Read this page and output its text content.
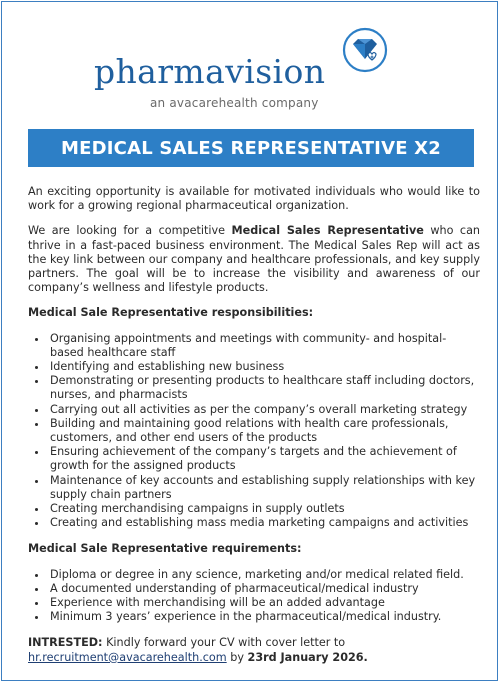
pharmavision
an avacarehealth company
MEDICAL SALES REPRESENTATIVE X2

An exciting opportunity is available for motivated individuals who would like to work for a growing regional pharmaceutical organization.

We are looking for a competitive Medical Sales Representative who can thrive in a fast-paced business environment. The Medical Sales Rep will act as the key link between our company and healthcare professionals, and key supply partners. The goal will be to increase the visibility and awareness of our company’s wellness and lifestyle products.

Medical Sale Representative responsibilities:
• Organising appointments and meetings with community- and hospital-based healthcare staff
• Identifying and establishing new business
• Demonstrating or presenting products to healthcare staff including doctors, nurses, and pharmacists
• Carrying out all activities as per the company’s overall marketing strategy
• Building and maintaining good relations with health care professionals, customers, and other end users of the products
• Ensuring achievement of the company’s targets and the achievement of growth for the assigned products
• Maintenance of key accounts and establishing supply relationships with key supply chain partners
• Creating merchandising campaigns in supply outlets
• Creating and establishing mass media marketing campaigns and activities
Medical Sale Representative requirements:
• Diploma or degree in any science, marketing and/or medical related field.
• A documented understanding of pharmaceutical/medical industry
• Experience with merchandising will be an added advantage
• Minimum 3 years’ experience in the pharmaceutical/medical industry.

INTRESTED: Kindly forward your CV with cover letter to
hr.recruitment@avacarehealth.com by 23rd January 2026.
